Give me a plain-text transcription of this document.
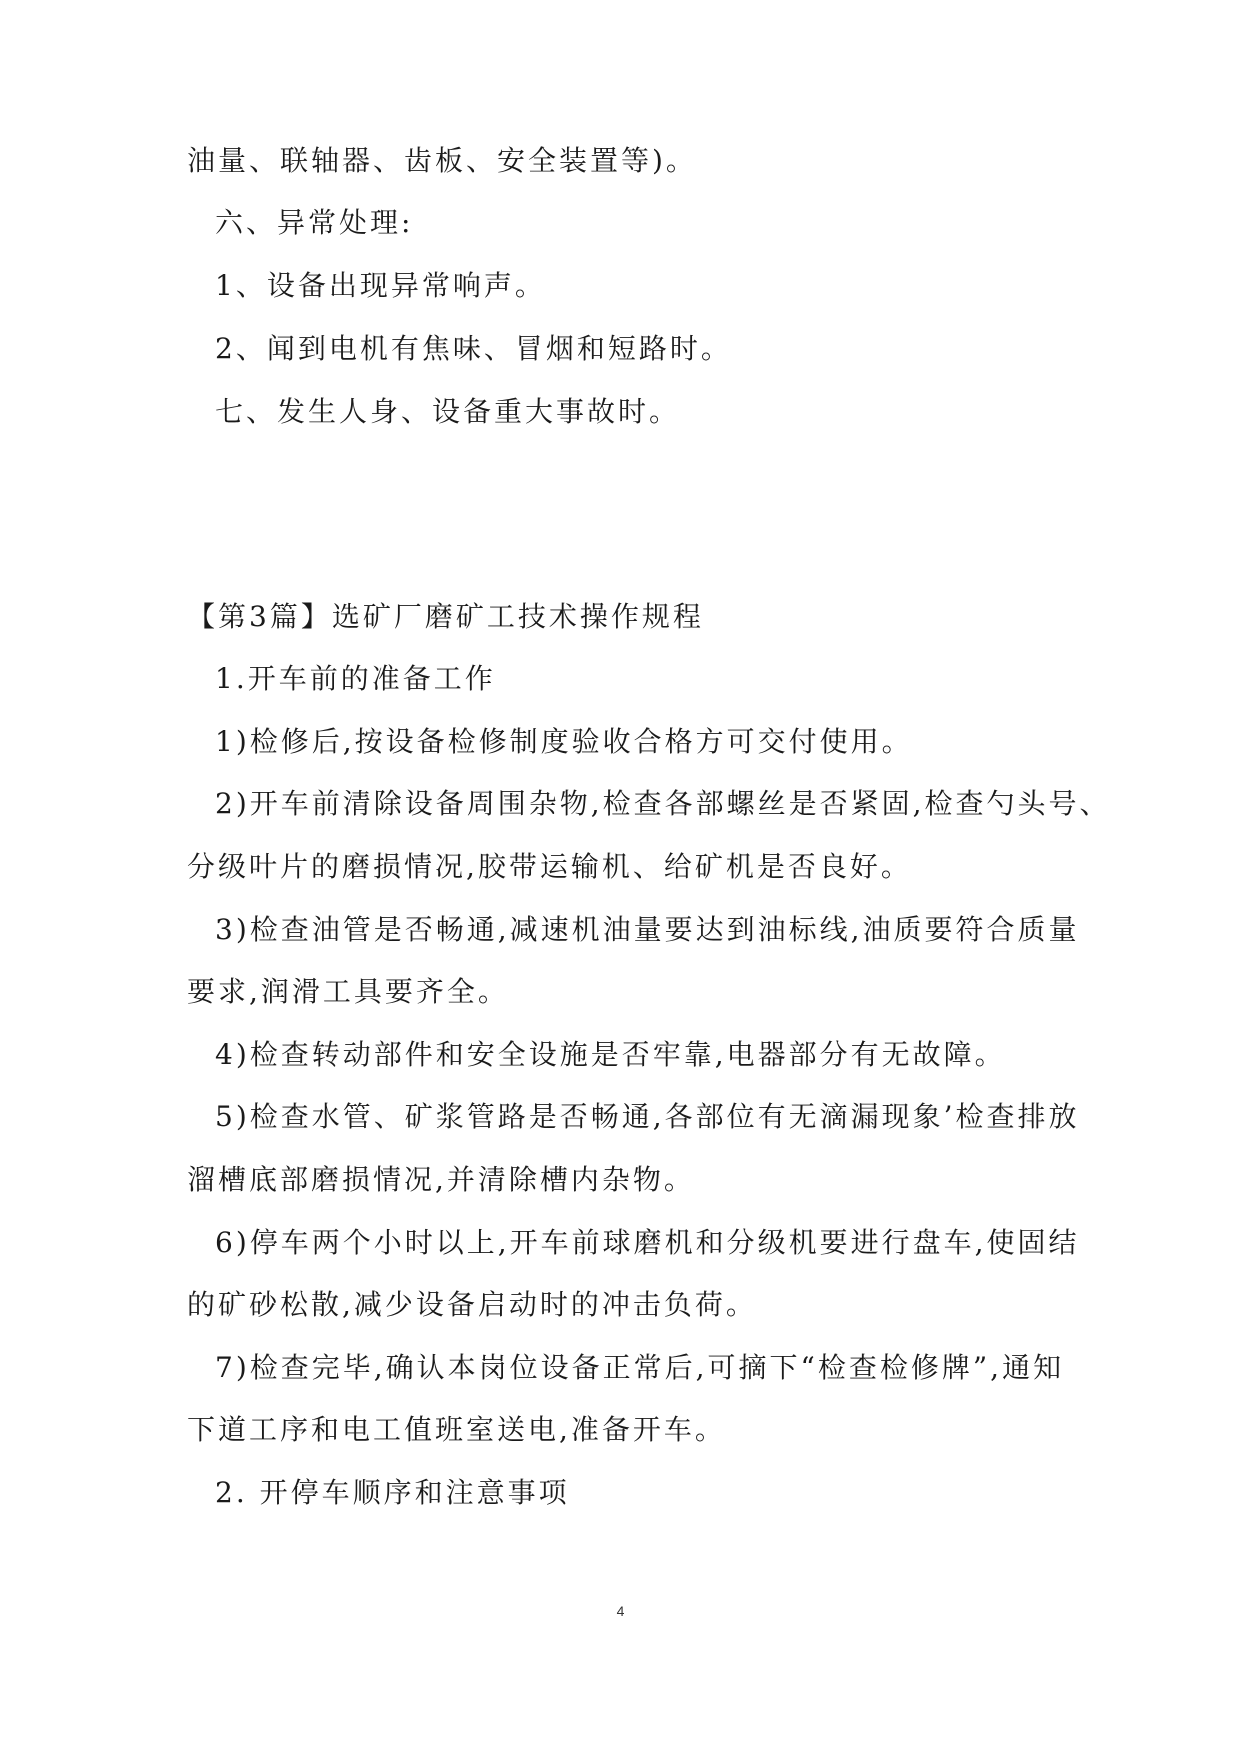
油量、联轴器、齿板、安全装置等)。

六、异常处理:

1、设备出现异常响声。

2、闻到电机有焦味、冒烟和短路时。

七、发生人身、设备重大事故时。

【第3篇】选矿厂磨矿工技术操作规程

1.开车前的准备工作

1)检修后,按设备检修制度验收合格方可交付使用。

2)开车前清除设备周围杂物,检查各部螺丝是否紧固,检查勺头号、

分级叶片的磨损情况,胶带运输机、给矿机是否良好。

3)检查油管是否畅通,减速机油量要达到油标线,油质要符合质量

要求,润滑工具要齐全。

4)检查转动部件和安全设施是否牢靠,电器部分有无故障。

5)检查水管、矿浆管路是否畅通,各部位有无滴漏现象’检查排放

溜槽底部磨损情况,并清除槽内杂物。

6)停车两个小时以上,开车前球磨机和分级机要进行盘车,使固结

的矿砂松散,减少设备启动时的冲击负荷。

7)检查完毕,确认本岗位设备正常后,可摘下“检查检修牌”,通知

下道工序和电工值班室送电,准备开车。

2. 开停车顺序和注意事项

4
